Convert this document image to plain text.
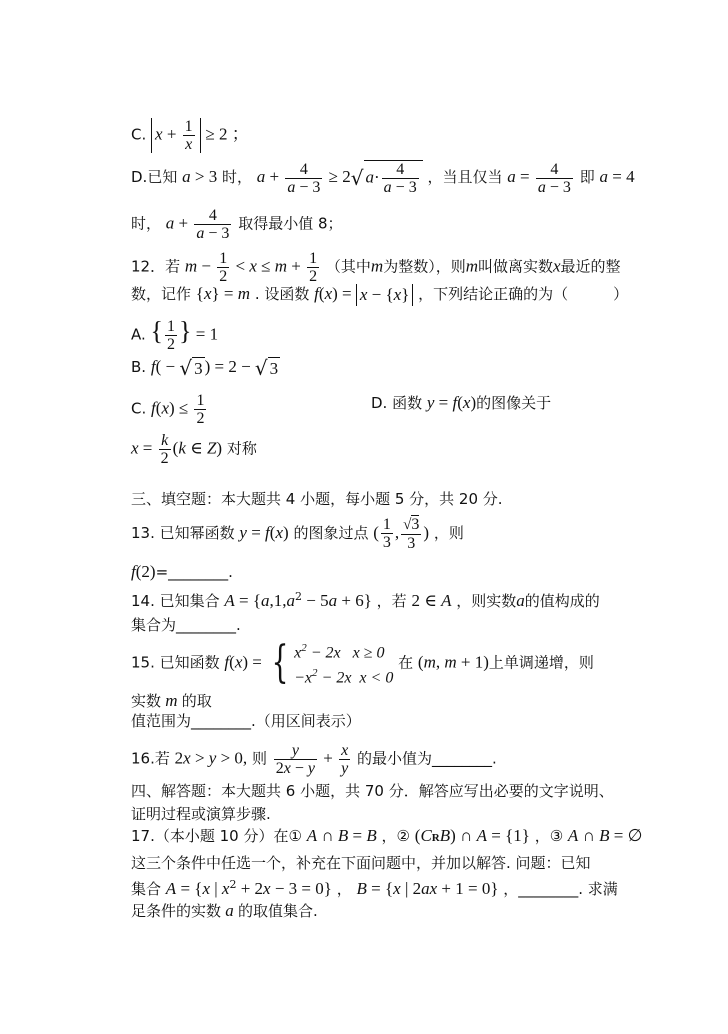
C. $x + \frac{1}{x} \ge 2$ ；
D.已知 a > 3 时， $a + \frac{4}{a - 3} \ge 2√$ $a\cdot \frac{4}{a - 3}$ ，当且仅当 $a = \frac{4}{a - 3}$ 即 a = 4
时， $a + \frac{4}{a - 3}$ 取得最小值 8；
12．若 $m - \frac{1}{2} < x \le m + \frac{1}{2}$ （其中m为整数），则m叫做离实数x最近的整
数，记作 {x} = m . 设函数 f(x) = x − {x} ，下列结论正确的为（　　　）
A. { $\frac{1}{2}$ } = 1
B. f( − √ 3 ) = 2 − √ 3
C. $f(x) \le \frac{1}{2}$	D. 函数 y = f(x)的图像关于
$x = \frac{k}{2} (k$ ∈ Z) 对称
三、填空题：本大题共 4 小题，每小题 5 分，共 20 分.
13. 已知幂函数 y = f(x) 的图象过点 ( $\frac{1}{3}$ , $\frac{√3}{3}$ ) ，则
f(2)=________.
14. 已知集合 $A = \{a,1,a^2 - 5a + 6\}$ ，若 2 ∈ A ，则实数a的值构成的
集合为________.
15. 已知函数 f(x) = { $x^2 - 2x$ x ≥ 0
$-x^2 - 2x$ x < 0
在 (m, m + 1)上单调递增，则
实数 m 的取
值范围为________.（用区间表示）
16.若 2x > y > 0, 则 $\frac{y}{2x - y} + \frac{x}{y}$ 的最小值为________.
四、解答题：本大题共 6 小题，共 70 分．解答应写出必要的文字说明、
证明过程或演算步骤.
17.（本小题 10 分）在① A ∩ B = B ，② (CRB) ∩ A = {1} ，③ A ∩ B = ∅
这三个条件中任选一个，补充在下面问题中，并加以解答. 问题：已知
集合 A = {x | $x^2 + 2x - 3 = 0$} ， B = {x | 2ax + 1 = 0} ，________. 求满
足条件的实数 a 的取值集合.
